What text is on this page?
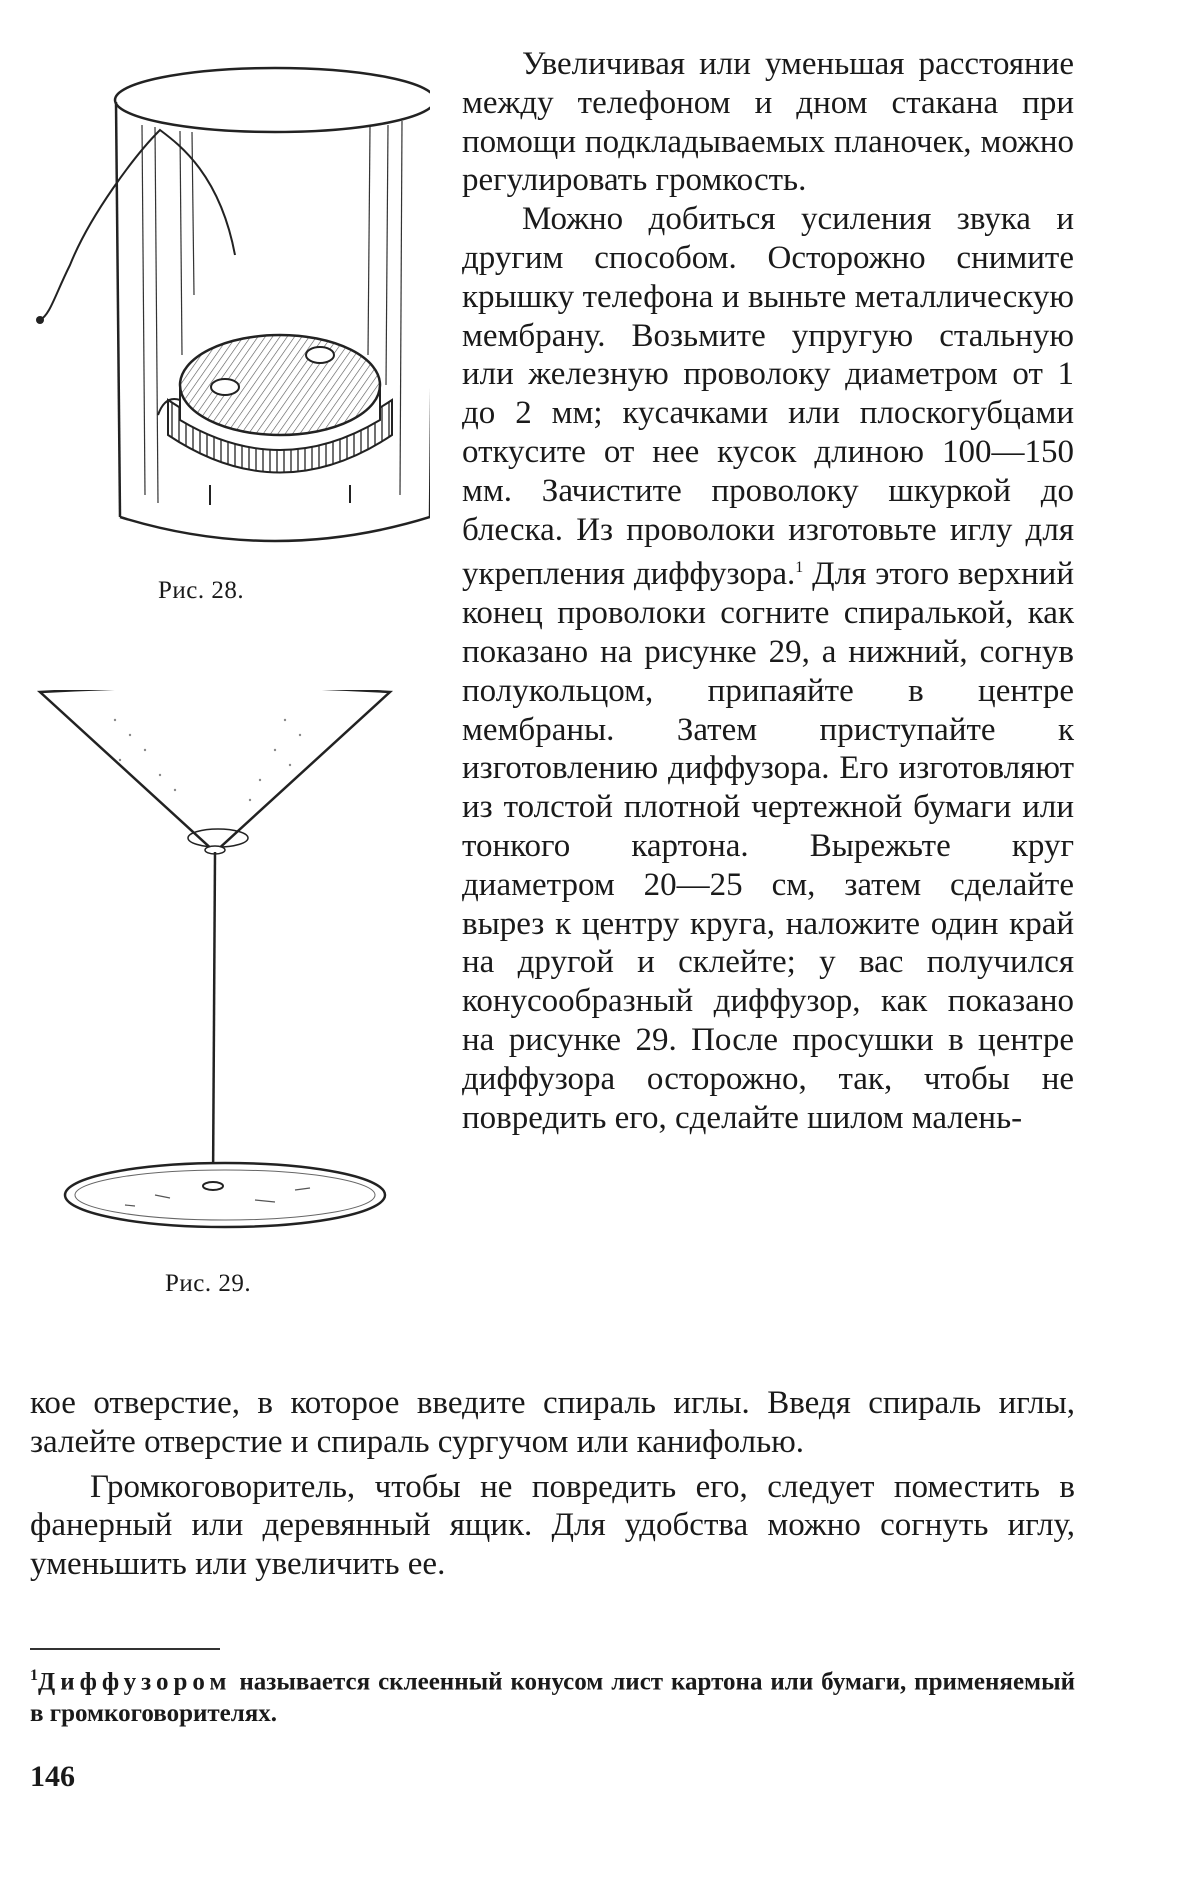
Рис. 28.
Рис. 29.

Увеличивая или уменьшая расстояние между телефоном и дном стакана при помощи подкладываемых планочек, можно регулировать громкость.

Можно добиться усиления звука и другим способом. Осторожно снимите крышку телефона и выньте металлическую мембрану. Возьмите упругую стальную или железную проволоку диаметром от 1 до 2 мм; кусачками или плоскогубцами откусите от нее кусок длиною 100—150 мм. Зачистите проволоку шкуркой до блеска. Из проволоки изготовьте иглу для укрепления диффузора.$^1$ Для этого верхний конец проволоки согните спиралькой, как показано на рисунке 29, а нижний, согнув полукольцом, припаяйте в центре мембраны. Затем приступайте к изготовлению диффузора. Его изготовляют из толстой плотной чертежной бумаги или тонкого картона. Вырежьте круг диаметром 20—25 см, затем сделайте вырез к центру круга, наложите один край на другой и склейте; у вас получился конусообразный диффузор, как показано на рисунке 29. После просушки в центре диффузора осторожно, так, чтобы не повредить его, сделайте шилом малень-

кое отверстие, в которое введите спираль иглы. Введя спираль иглы, залейте отверстие и спираль сургучом или канифолью.

Громкоговоритель, чтобы не повредить его, следует поместить в фанерный или деревянный ящик. Для удобства можно согнуть иглу, уменьшить или увеличить ее.

$^1$Диффузором называется склеенный конусом лист картона или бумаги, применяемый в громкоговорителях.
146
